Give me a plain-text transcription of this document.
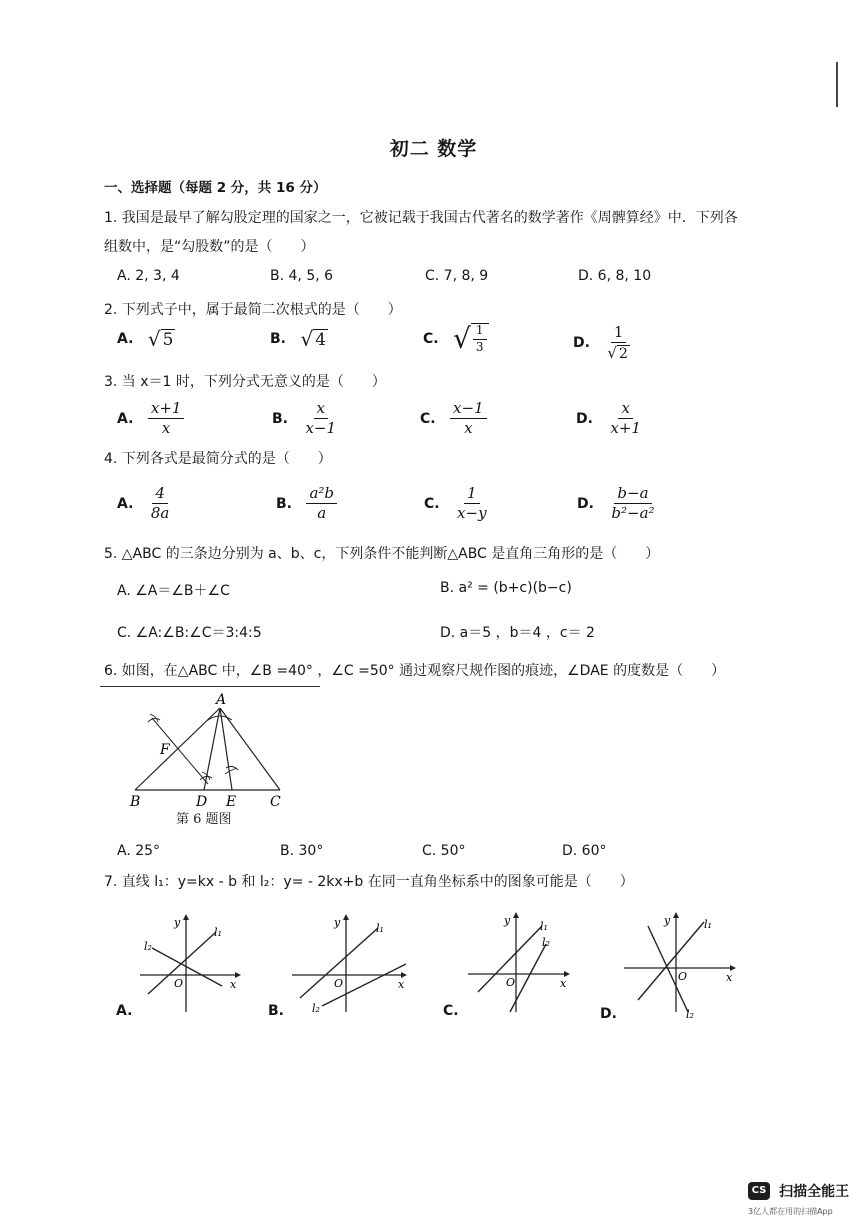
初二 数学
一、选择题（每题 2 分，共 16 分）
1. 我国是最早了解勾股定理的国家之一，它被记载于我国古代著名的数学著作《周髀算经》中．下列各
组数中，是“勾股数”的是（　　）
A. 2, 3, 4	B. 4, 5, 6	C. 7, 8, 9	D. 6, 8, 10
2. 下列式子中，属于最简二次根式的是（　　）
A. √ 5	B. √ 4	C. √ $\frac{1}{3}$	D. $\frac{1}{√ 2}$
3. 当 x＝1 时，下列分式无意义的是（　　）
A. $\frac{x+1}{x}$	B. $\frac{x}{x-1}$	C. $\frac{x-1}{x}$	D. $\frac{x}{x+1}$
4. 下列各式是最简分式的是（　　）
A. $\frac{4}{8a}$	B. $\frac{\text{a²b}}{a}$	C. $\frac{1}{x-y}$	D. $\frac{b-a}{\text{b²−a²}}$
5. △ABC 的三条边分别为 a、b、c，下列条件不能判断△ABC 是直角三角形的是（　　）
A. ∠A＝∠B＋∠C	B. a² = (b+c)(b−c)
C. ∠A:∠B:∠C＝3:4:5	D. a＝5 ，b＝4 ，c＝ 2
6. 如图，在△ABC 中，∠B =40° ，∠C =50° 通过观察尺规作图的痕迹，∠DAE 的度数是（　　）
A
F
B	D E C
第 6 题图
A. 25°	B. 30°	C. 50°	D. 60°
7. 直线 l₁：y=kx - b 和 l₂：y= - 2kx+b 在同一直角坐标系中的图象可能是（　　）
y
x
O
l₁
l₂
A.
y
x
O
l₁
l₂
B.
y
x
O
l₁
l₂
C.
y
x
O
l₁
l₂
D.
CS 扫描全能王
3亿人都在用的扫描App
